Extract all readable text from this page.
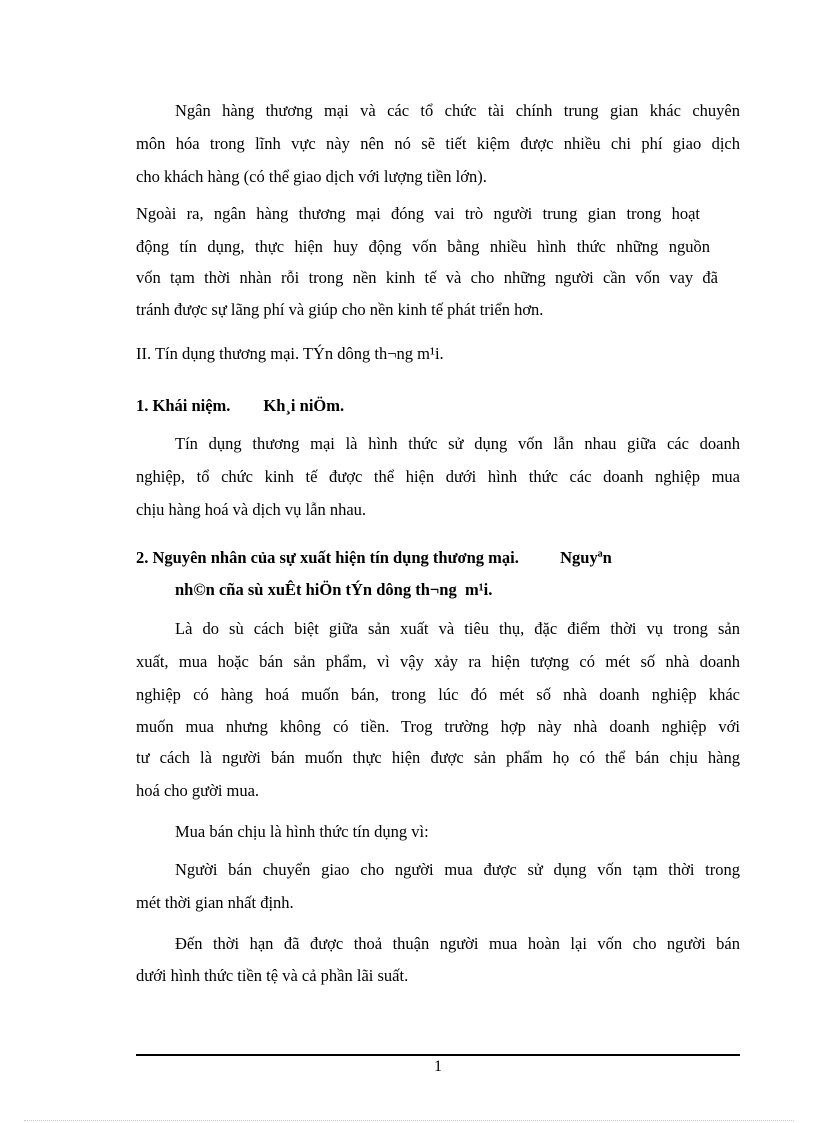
Ngân hàng thương mại và các tổ chức tài chính trung gian khác chuyên
môn hóa trong lĩnh vực này nên nó sẽ tiết kiệm được nhiều chi phí giao dịch
cho khách hàng (có thể giao dịch với lượng tiền lớn).
Ngoài ra, ngân hàng thương mại đóng vai trò người trung gian trong hoạt
động tín dụng, thực hiện huy động vốn bằng nhiều hình thức những nguồn
vốn tạm thời nhàn rỗi trong nền kinh tế và cho những người cần vốn vay đã
tránh được sự lãng phí và giúp cho nền kinh tế phát triển hơn.
II. Tín dụng thương mại. TÝn dông th¬ng m¹i.
1. Khái niệm.        Kh¸i niÖm.
Tín dụng thương mại là hình thức sử dụng vốn lẫn nhau giữa các doanh
nghiệp, tổ chức kinh tế được thể hiện dưới hình thức các doanh nghiệp mua
chịu hàng hoá và dịch vụ lẫn nhau.
2. Nguyên nhân của sự xuất hiện tín dụng thương mại.          Nguyªn
nh©n cña sù xuÊt hiÖn tÝn dông th¬ng  m¹i.
Là do sù cách biệt giữa sản xuất và tiêu thụ, đặc điểm thời vụ trong sản
xuất, mua hoặc bán sản phẩm, vì vậy xảy ra hiện tượng có mét số nhà doanh
nghiệp có hàng hoá muốn bán, trong lúc đó mét số nhà doanh nghiệp khác
muốn mua nhưng không có tiền. Trog trường hợp này nhà doanh nghiệp với
tư cách là người bán muốn thực hiện được sản phẩm họ có thể bán chịu hàng
hoá cho gười mua.
Mua bán chịu là hình thức tín dụng vì:
Người bán chuyển giao cho người mua được sử dụng vốn tạm thời trong
mét thời gian nhất định.
Đến thời hạn đã được thoả thuận người mua hoàn lại vốn cho người bán
dưới hình thức tiền tệ và cả phần lãi suất.
1
